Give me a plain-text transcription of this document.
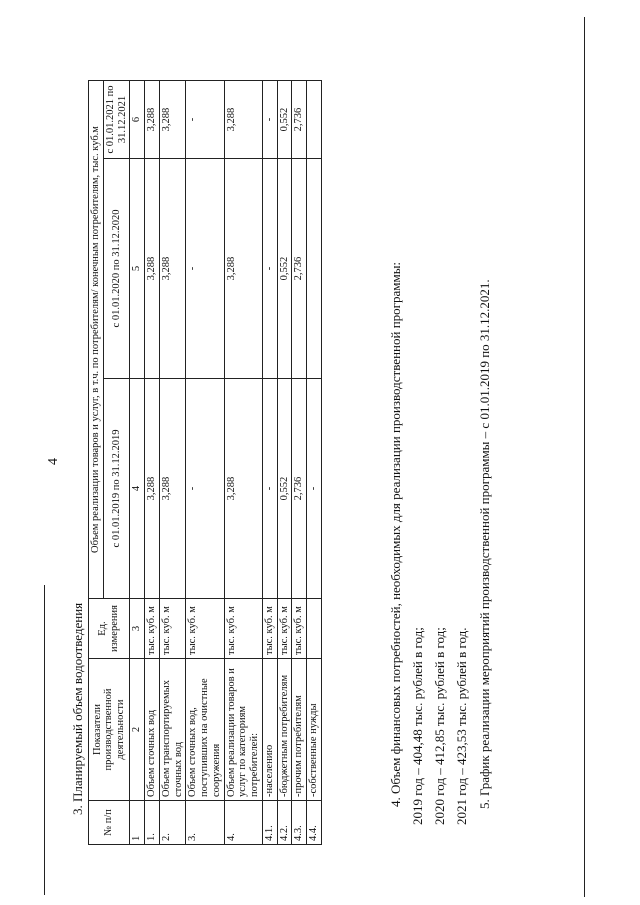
4
3. Планируемый объем водоотведения
№ п/п	Показатели производственной деятельности	Ед. измерения	Объем реализации товаров и услуг, в т.ч. по потребителям/ конечным потребителям, тыс. куб.м		
			с 01.01.2019 по 31.12.2019	с 01.01.2020 по 31.12.2020	с 01.01.2021 по 31.12.2021
1	2	3	4	5	6
1.	Объем сточных вод	тыс. куб. м	3,288	3,288	3,288
2.	Объем транспортируемых сточных вод	тыс. куб. м	3,288	3,288	3,288
3.	Объем сточных вод, поступивших на очистные сооружения	тыс. куб. м	-	-	-
4.	Объем реализации товаров и услуг по категориям потребителей:	тыс. куб. м	3,288	3,288	3,288
4.1.	-населению	тыс. куб. м	-	-	-
4.2.	-бюджетным потребителям	тыс. куб. м	0,552	0,552	0,552
4.3.	-прочим потребителям	тыс. куб. м	2,736	2,736	2,736
4.4.	-собственные нужды		-			4. Объем финансовых потребностей, необходимых для реализации производственной программы: 2019 год – 404,48 тыс. рублей в год; 2020 год – 412,85 тыс. рублей в год; 2021 год – 423,53 тыс. рублей в год. 5. График реализации мероприятий производственной программы – с 01.01.2019 по 31.12.2021.
